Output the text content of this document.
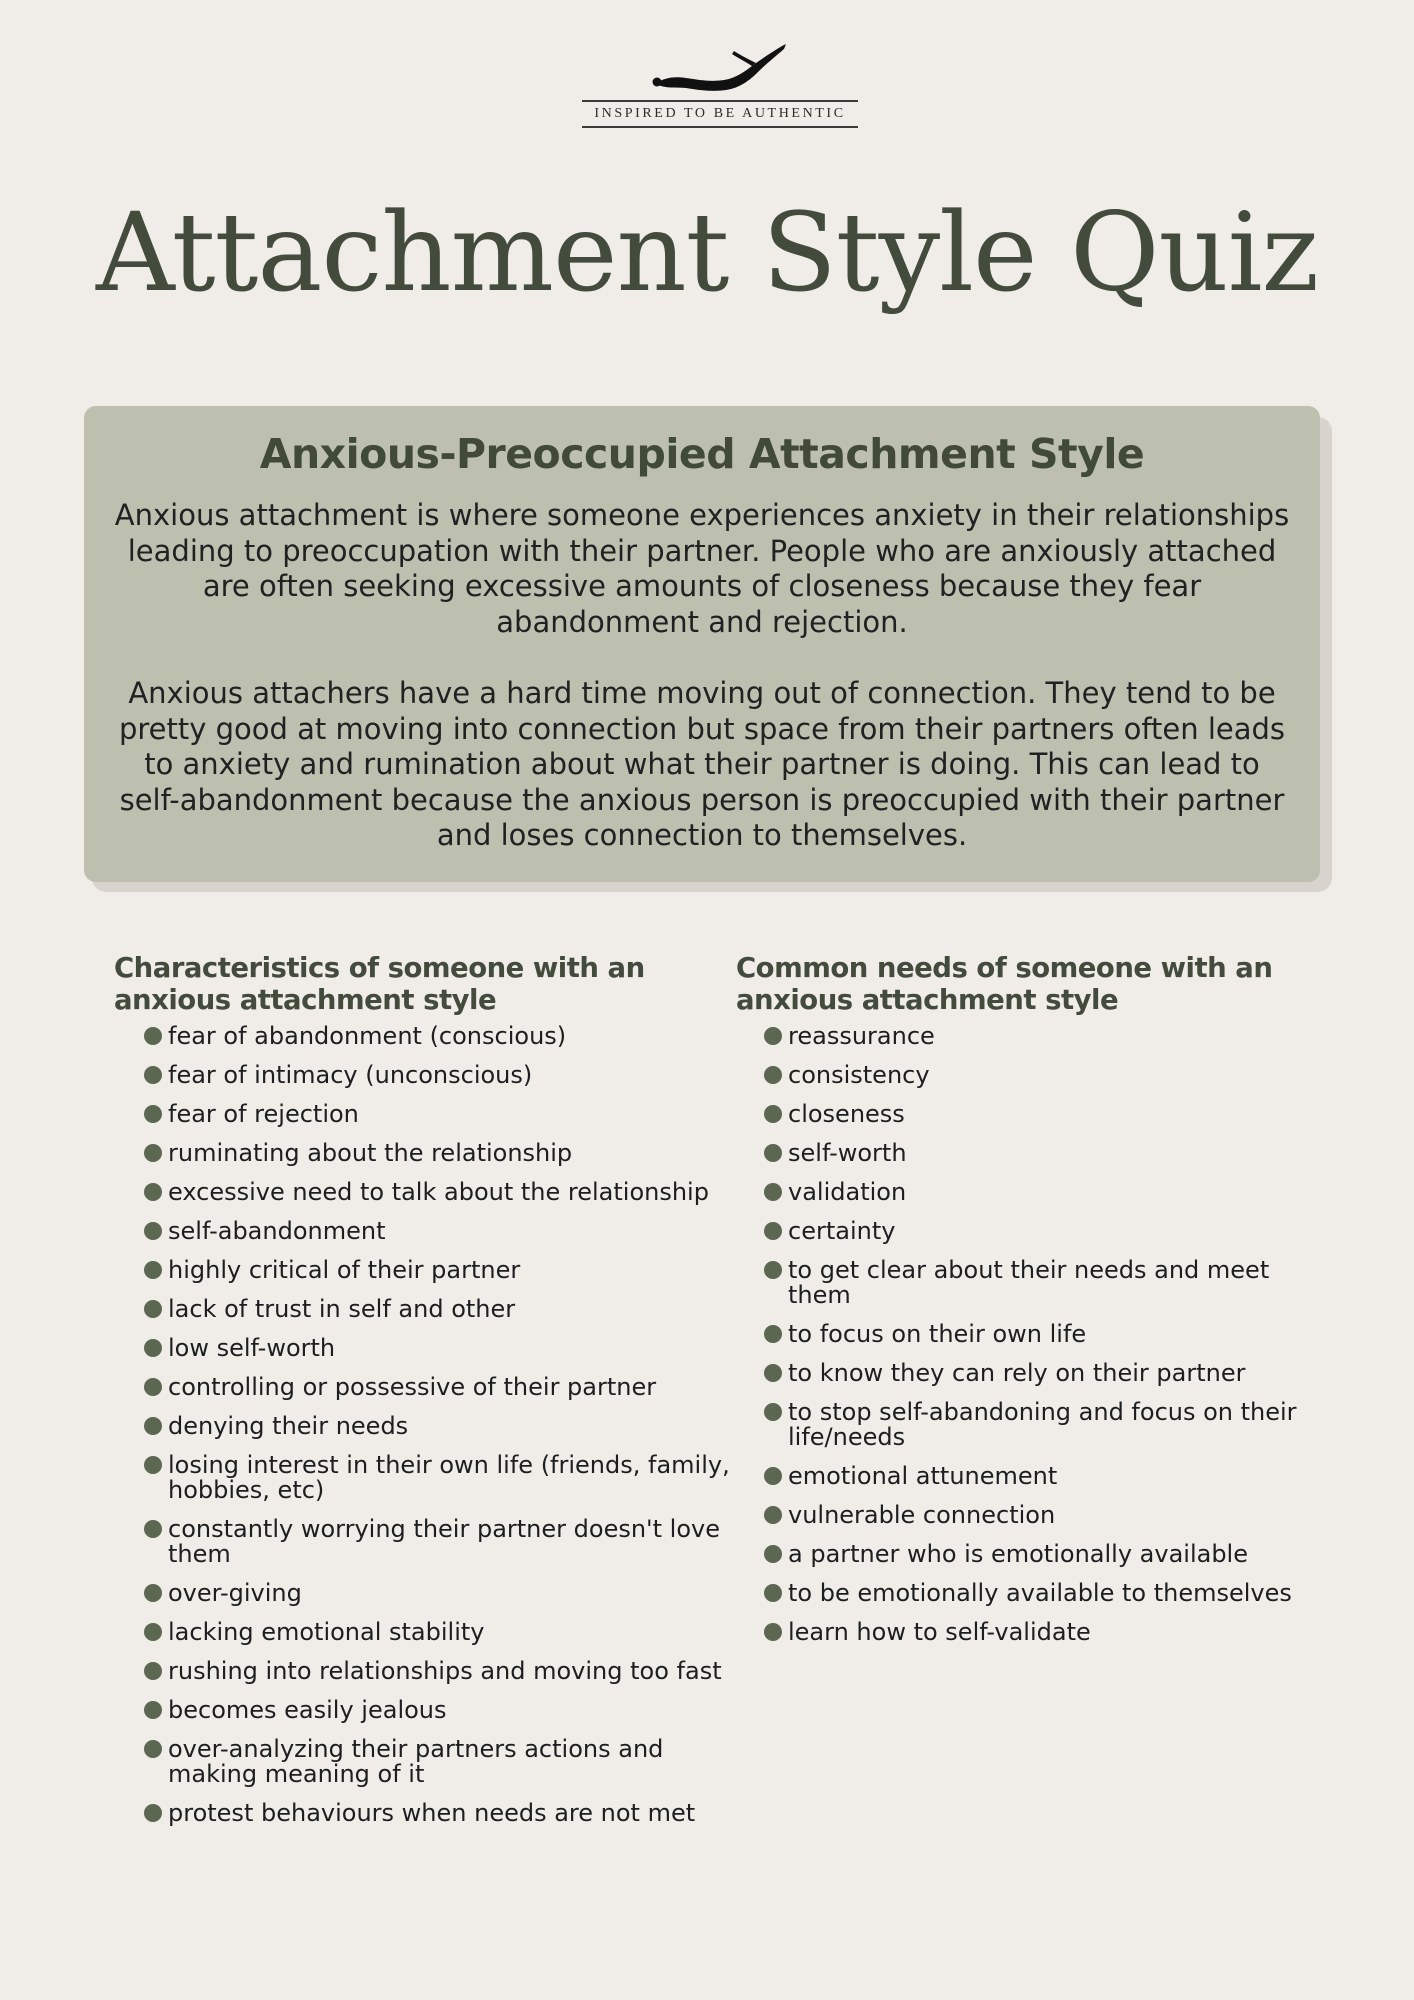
INSPIRED TO BE AUTHENTIC
Attachment Style Quiz
Anxious-Preoccupied Attachment Style

Anxious attachment is where someone experiences anxiety in their relationships leading to preoccupation with their partner. People who are anxiously attached are often seeking excessive amounts of closeness because they fear abandonment and rejection.

Anxious attachers have a hard time moving out of connection. They tend to be pretty good at moving into connection but space from their partners often leads to anxiety and rumination about what their partner is doing. This can lead to self-abandonment because the anxious person is preoccupied with their partner and loses connection to themselves.

Characteristics of someone with an anxious attachment style
fear of abandonment (conscious)
fear of intimacy (unconscious)
fear of rejection
ruminating about the relationship
excessive need to talk about the relationship
self-abandonment
highly critical of their partner
lack of trust in self and other
low self-worth
controlling or possessive of their partner
denying their needs
losing interest in their own life (friends, family, hobbies, etc)
constantly worrying their partner doesn't love them
over-giving
lacking emotional stability
rushing into relationships and moving too fast
becomes easily jealous
over-analyzing their partners actions and making meaning of it
protest behaviours when needs are not met
Common needs of someone with an anxious attachment style
reassurance
consistency
closeness
self-worth
validation
certainty
to get clear about their needs and meet them
to focus on their own life
to know they can rely on their partner
to stop self-abandoning and focus on their life/needs
emotional attunement
vulnerable connection
a partner who is emotionally available
to be emotionally available to themselves
learn how to self-validate
